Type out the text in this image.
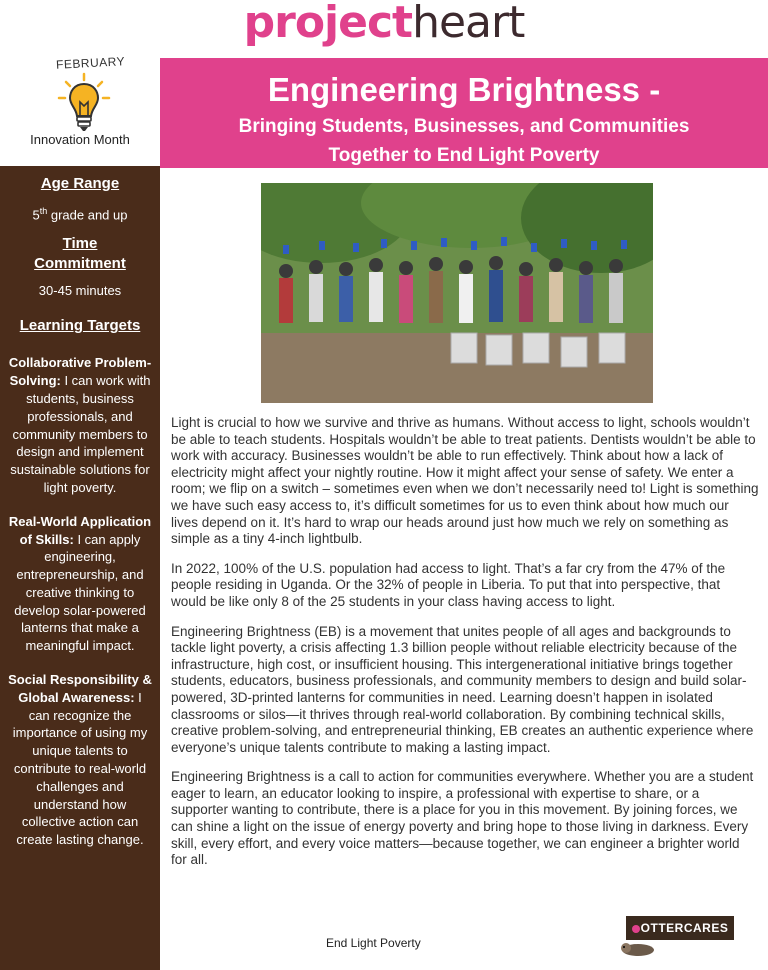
projectheart
FEBRUARY
Innovation Month
Engineering Brightness -
Bringing Students, Businesses, and Communities
Together to End Light Poverty
Age Range
5th grade and up
Time
Commitment
30-45 minutes
Learning Targets
Collaborative Problem-Solving: I can work with students, business professionals, and community members to design and implement sustainable solutions for light poverty.
Real-World Application of Skills: I can apply engineering, entrepreneurship, and creative thinking to develop solar-powered lanterns that make a meaningful impact.
Social Responsibility & Global Awareness: I can recognize the importance of using my unique talents to contribute to real-world challenges and understand how collective action can create lasting change.

Light is crucial to how we survive and thrive as humans. Without access to light, schools wouldn’t be able to teach students. Hospitals wouldn’t be able to treat patients. Dentists wouldn’t be able to work with accuracy. Businesses wouldn’t be able to run effectively. Think about how a lack of electricity might affect your nightly routine. How it might affect your sense of safety. We enter a room; we flip on a switch – sometimes even when we don’t necessarily need to! Light is something we have such easy access to, it’s difficult sometimes for us to even think about how much our lives depend on it. It’s hard to wrap our heads around just how much we rely on something as simple as a tiny 4-inch lightbulb.

In 2022, 100% of the U.S. population had access to light. That’s a far cry from the 47% of the people residing in Uganda. Or the 32% of people in Liberia. To put that into perspective, that would be like only 8 of the 25 students in your class having access to light.

Engineering Brightness (EB) is a movement that unites people of all ages and backgrounds to tackle light poverty, a crisis affecting 1.3 billion people without reliable electricity because of the infrastructure, high cost, or insufficient housing. This intergenerational initiative brings together students, educators, business professionals, and community members to design and build solar-powered, 3D-printed lanterns for communities in need. Learning doesn’t happen in isolated classrooms or silos—it thrives through real-world collaboration. By combining technical skills, creative problem-solving, and entrepreneurial thinking, EB creates an authentic experience where everyone’s unique talents contribute to making a lasting impact.

Engineering Brightness is a call to action for communities everywhere. Whether you are a student eager to learn, an educator looking to inspire, a professional with expertise to share, or a supporter wanting to contribute, there is a place for you in this movement. By joining forces, we can shine a light on the issue of energy poverty and bring hope to those living in darkness. Every skill, every effort, and every voice matters—because together, we can engineer a brighter world for all.

End Light Poverty
OTTERCARES
